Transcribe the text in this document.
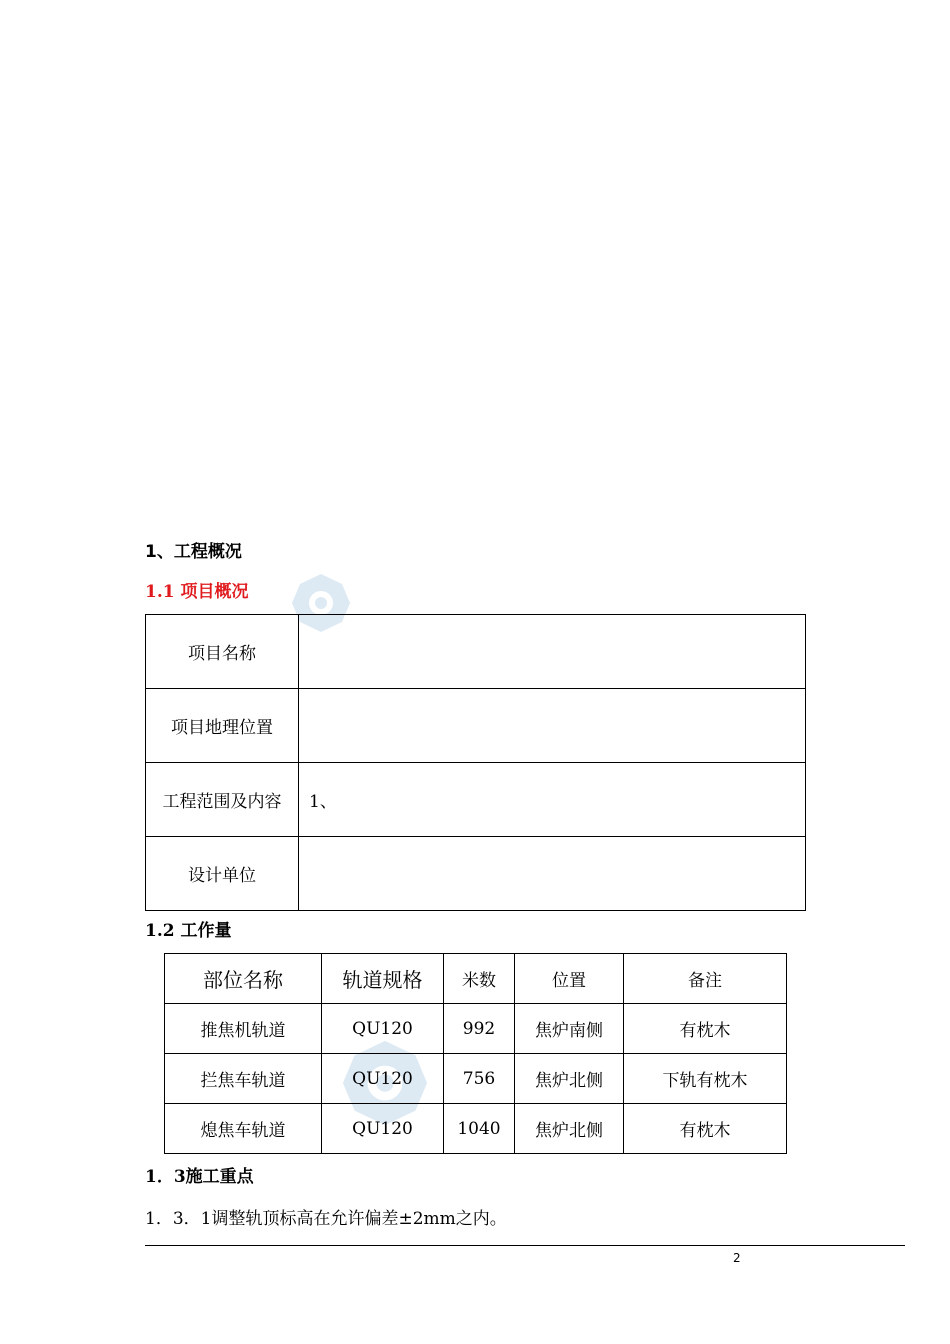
1、工程概况
1.1 项目概况
项目名称	
项目地理位置	
工程范围及内容	1、
设计单位	
1.2 工作量
部位名称	轨道规格	米数	位置	备注
推焦机轨道	QU120	992	焦炉南侧	有枕木
拦焦车轨道	QU120	756	焦炉北侧	下轨有枕木
熄焦车轨道	QU120	1040	焦炉北侧	有枕木
1．3施工重点
1．3．1调整轨顶标高在允许偏差±2mm之内。
2
